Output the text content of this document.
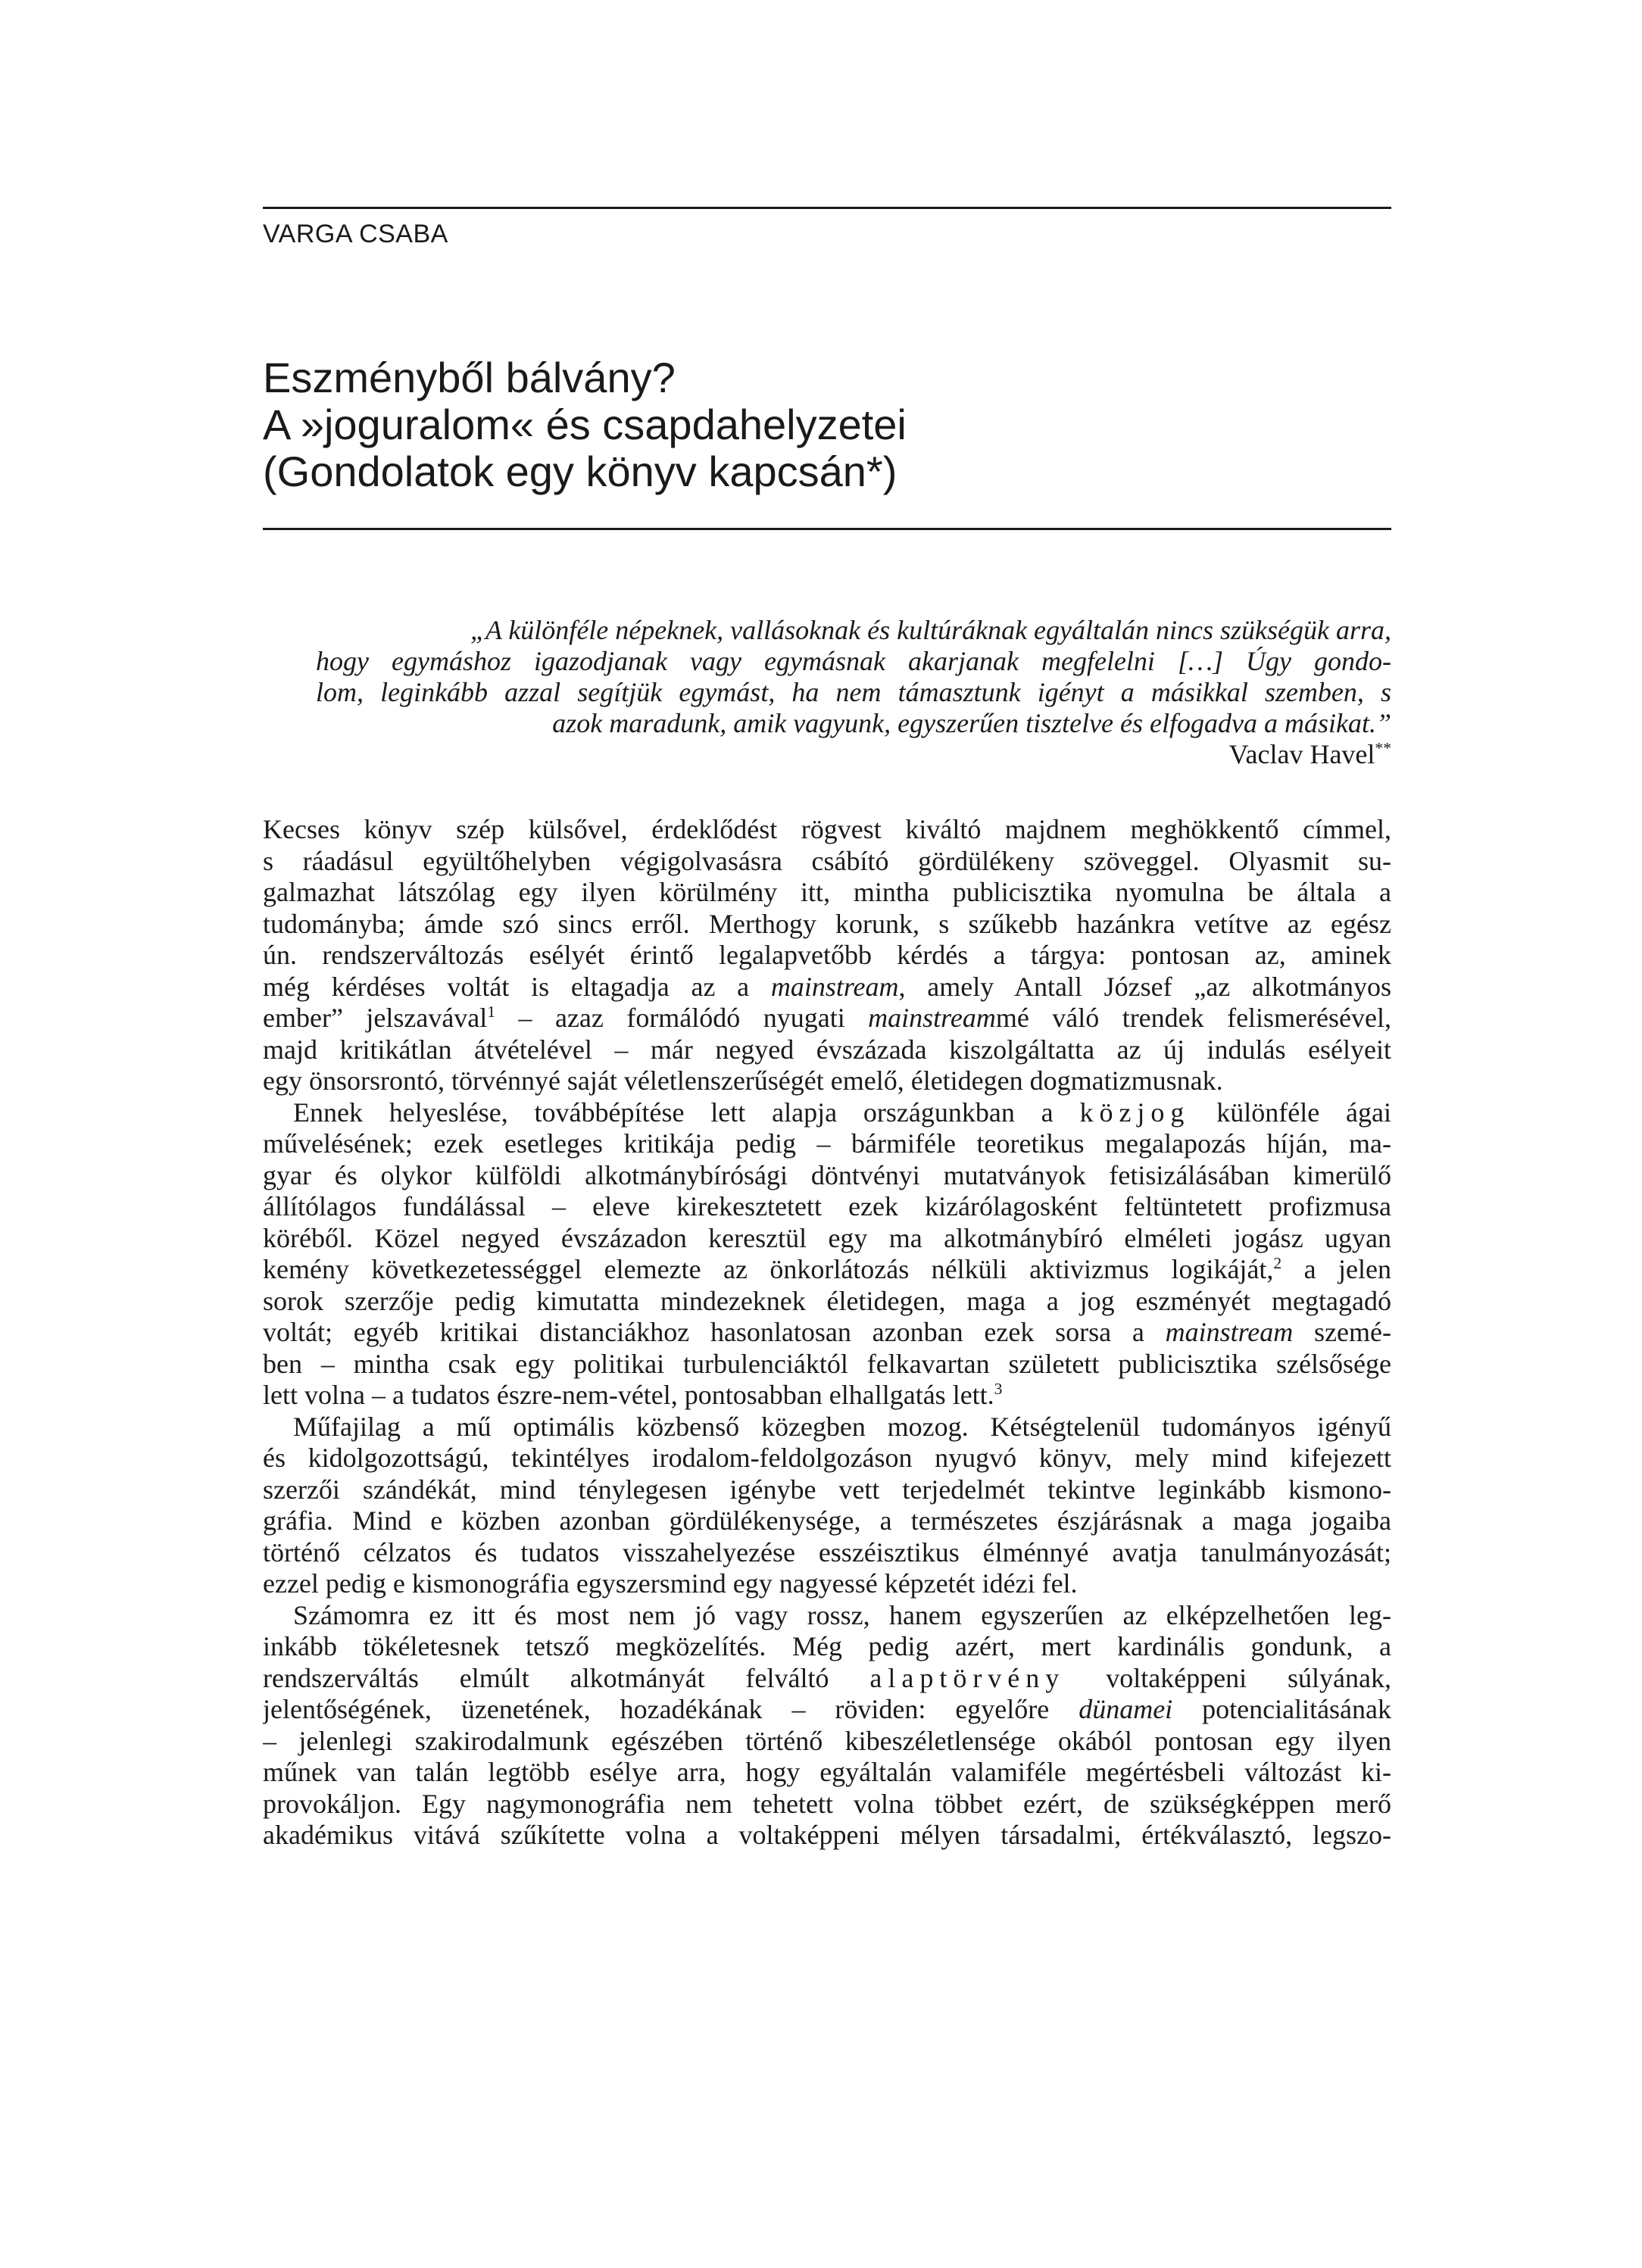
VARGA CSABA
Eszményből bálvány?
A »joguralom« és csapdahelyzetei
(Gondolatok egy könyv kapcsán*)
„A különféle népeknek, vallásoknak és kultúráknak egyáltalán nincs szükségük arra,
hogy egymáshoz igazodjanak vagy egymásnak akarjanak megfelelni […] Úgy gondo-
lom, leginkább azzal segítjük egymást, ha nem támasztunk igényt a másikkal szemben, s
azok maradunk, amik vagyunk, egyszerűen tisztelve és elfogadva a másikat.”
Vaclav Havel**
Kecses könyv szép külsővel, érdeklődést rögvest kiváltó majdnem meghökkentő címmel,
s ráadásul együltőhelyben végigolvasásra csábító gördülékeny szöveggel. Olyasmit su-
galmazhat látszólag egy ilyen körülmény itt, mintha publicisztika nyomulna be általa a
tudományba; ámde szó sincs erről. Merthogy korunk, s szűkebb hazánkra vetítve az egész
ún. rendszerváltozás esélyét érintő legalapvetőbb kérdés a tárgya: pontosan az, aminek
még kérdéses voltát is eltagadja az a mainstream, amely Antall József „az alkotmányos
ember” jelszavával$^1$ – azaz formálódó nyugati mainstreammé váló trendek felismerésével,
majd kritikátlan átvételével – már negyed évszázada kiszolgáltatta az új indulás esélyeit
egy önsorsrontó, törvénnyé saját véletlenszerűségét emelő, életidegen dogmatizmusnak.
Ennek helyeslése, továbbépítése lett alapja országunkban a közjog különféle ágai
művelésének; ezek esetleges kritikája pedig – bármiféle teoretikus megalapozás híján, ma-
gyar és olykor külföldi alkotmánybírósági döntvényi mutatványok fetisizálásában kimerülő
állítólagos fundálással – eleve kirekesztetett ezek kizárólagosként feltüntetett profizmusa
köréből. Közel negyed évszázadon keresztül egy ma alkotmánybíró elméleti jogász ugyan
kemény következetességgel elemezte az önkorlátozás nélküli aktivizmus logikáját,$^2$ a jelen
sorok szerzője pedig kimutatta mindezeknek életidegen, maga a jog eszményét megtagadó
voltát; egyéb kritikai distanciákhoz hasonlatosan azonban ezek sorsa a mainstream szemé-
ben – mintha csak egy politikai turbulenciáktól felkavartan született publicisztika szélsősége
lett volna – a tudatos észre-nem-vétel, pontosabban elhallgatás lett.$^3$
Műfajilag a mű optimális közbenső közegben mozog. Kétségtelenül tudományos igényű
és kidolgozottságú, tekintélyes irodalom-feldolgozáson nyugvó könyv, mely mind kifejezett
szerzői szándékát, mind ténylegesen igénybe vett terjedelmét tekintve leginkább kismono-
gráfia. Mind e közben azonban gördülékenysége, a természetes észjárásnak a maga jogaiba
történő célzatos és tudatos visszahelyezése esszéisztikus élménnyé avatja tanulmányozását;
ezzel pedig e kismonográfia egyszersmind egy nagyessé képzetét idézi fel.
Számomra ez itt és most nem jó vagy rossz, hanem egyszerűen az elképzelhetően leg-
inkább tökéletesnek tetsző megközelítés. Még pedig azért, mert kardinális gondunk, a
rendszerváltás elmúlt alkotmányát felváltó alaptörvény voltaképpeni súlyának,
jelentőségének, üzenetének, hozadékának – röviden: egyelőre dünamei potencialitásának
– jelenlegi szakirodalmunk egészében történő kibeszéletlensége okából pontosan egy ilyen
műnek van talán legtöbb esélye arra, hogy egyáltalán valamiféle megértésbeli változást ki-
provokáljon. Egy nagymonográfia nem tehetett volna többet ezért, de szükségképpen merő
akadémikus vitává szűkítette volna a voltaképpeni mélyen társadalmi, értékválasztó, legszo-
